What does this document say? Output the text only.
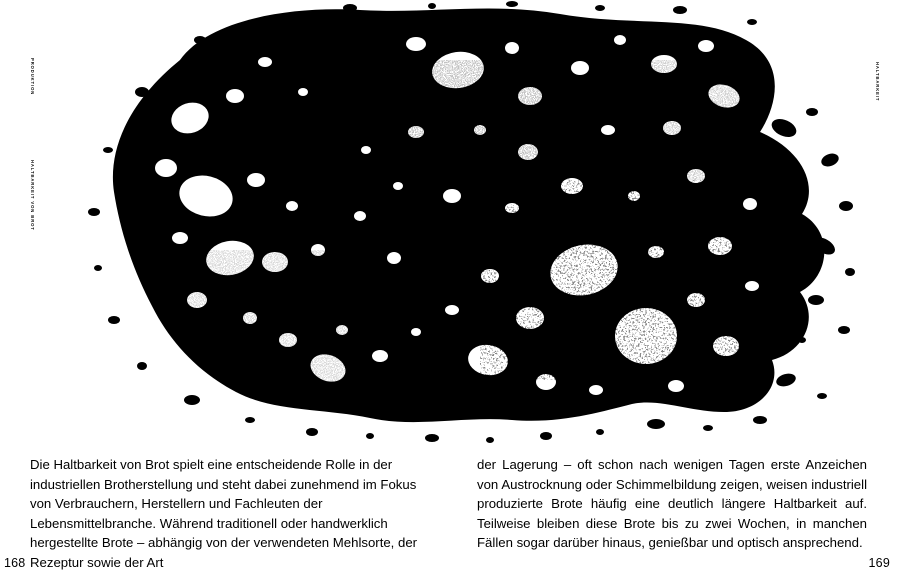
PRODUKTION
HALTBARKEIT VON BROT
HALTBARKEIT

Die Haltbarkeit von Brot spielt eine entscheidende Rolle in der industriellen Brotherstellung und steht dabei zunehmend im Fokus von Verbrauchern, Herstellern und Fachleuten der Lebensmittelbranche. Während traditionell oder handwerklich hergestellte Brote – abhängig von der verwendeten Mehlsorte, der Rezeptur sowie der Art

der Lagerung – oft schon nach wenigen Tagen erste Anzeichen von Austrocknung oder Schimmelbildung zeigen, weisen industriell produzierte Brote häufig eine deutlich längere Haltbarkeit auf. Teilweise bleiben diese Brote bis zu zwei Wochen, in manchen Fällen sogar darüber hinaus, genießbar und optisch ansprechend.

168	169
